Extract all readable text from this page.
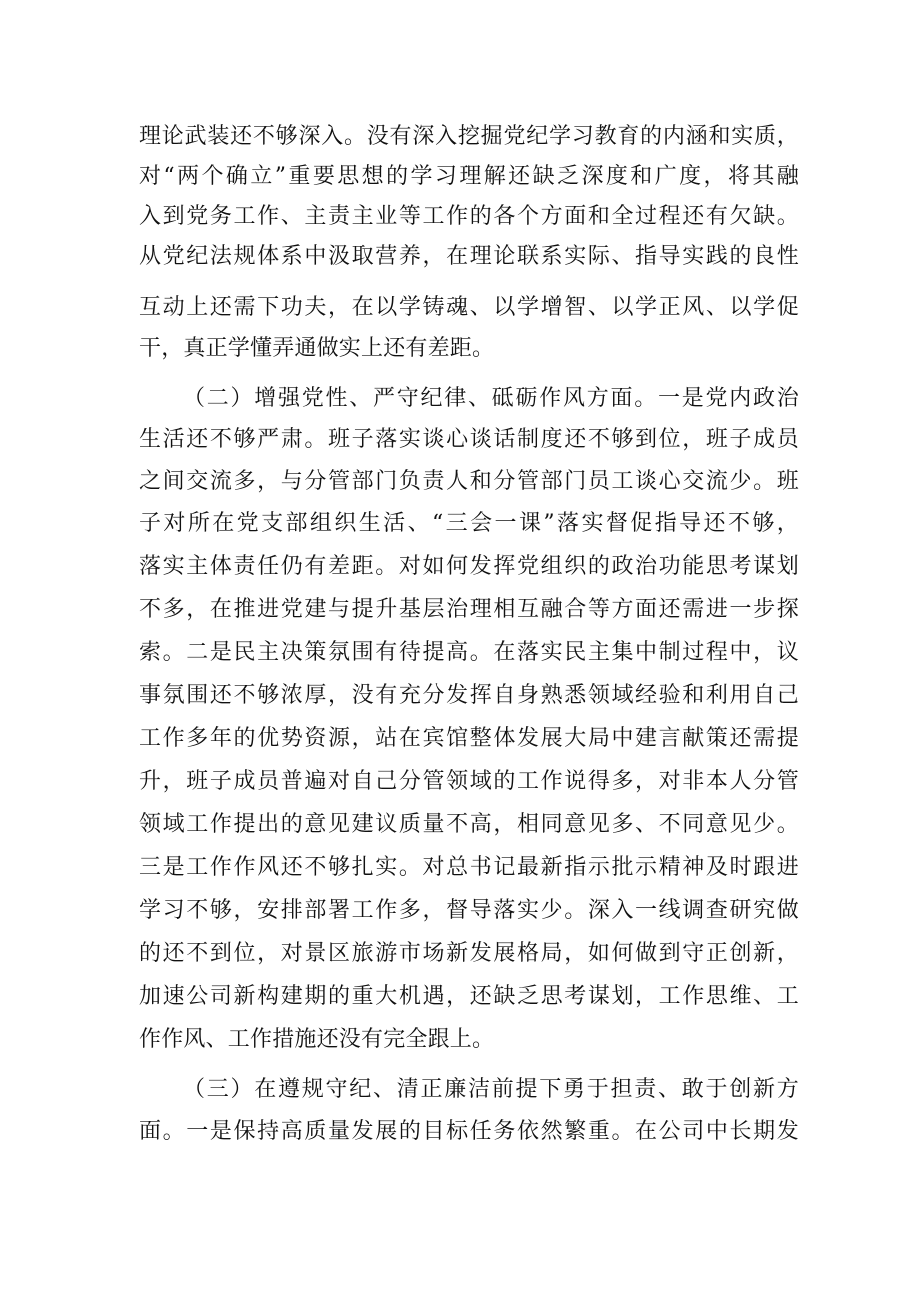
理论武装还不够深入。没有深入挖掘党纪学习教育的内涵和实质，

对“两个确立”重要思想的学习理解还缺乏深度和广度，将其融

入到党务工作、主责主业等工作的各个方面和全过程还有欠缺。

从党纪法规体系中汲取营养，在理论联系实际、指导实践的良性

互动上还需下功夫，在以学铸魂、以学增智、以学正风、以学促

干，真正学懂弄通做实上还有差距。

（二）增强党性、严守纪律、砥砺作风方面。一是党内政治

生活还不够严肃。班子落实谈心谈话制度还不够到位，班子成员

之间交流多，与分管部门负责人和分管部门员工谈心交流少。班

子对所在党支部组织生活、“三会一课”落实督促指导还不够，

落实主体责任仍有差距。对如何发挥党组织的政治功能思考谋划

不多，在推进党建与提升基层治理相互融合等方面还需进一步探

索。二是民主决策氛围有待提高。在落实民主集中制过程中，议

事氛围还不够浓厚，没有充分发挥自身熟悉领域经验和利用自己

工作多年的优势资源，站在宾馆整体发展大局中建言献策还需提

升，班子成员普遍对自己分管领域的工作说得多，对非本人分管

领域工作提出的意见建议质量不高，相同意见多、不同意见少。

三是工作作风还不够扎实。对总书记最新指示批示精神及时跟进

学习不够，安排部署工作多，督导落实少。深入一线调查研究做

的还不到位，对景区旅游市场新发展格局，如何做到守正创新，

加速公司新构建期的重大机遇，还缺乏思考谋划，工作思维、工

作作风、工作措施还没有完全跟上。

（三）在遵规守纪、清正廉洁前提下勇于担责、敢于创新方

面。一是保持高质量发展的目标任务依然繁重。在公司中长期发
